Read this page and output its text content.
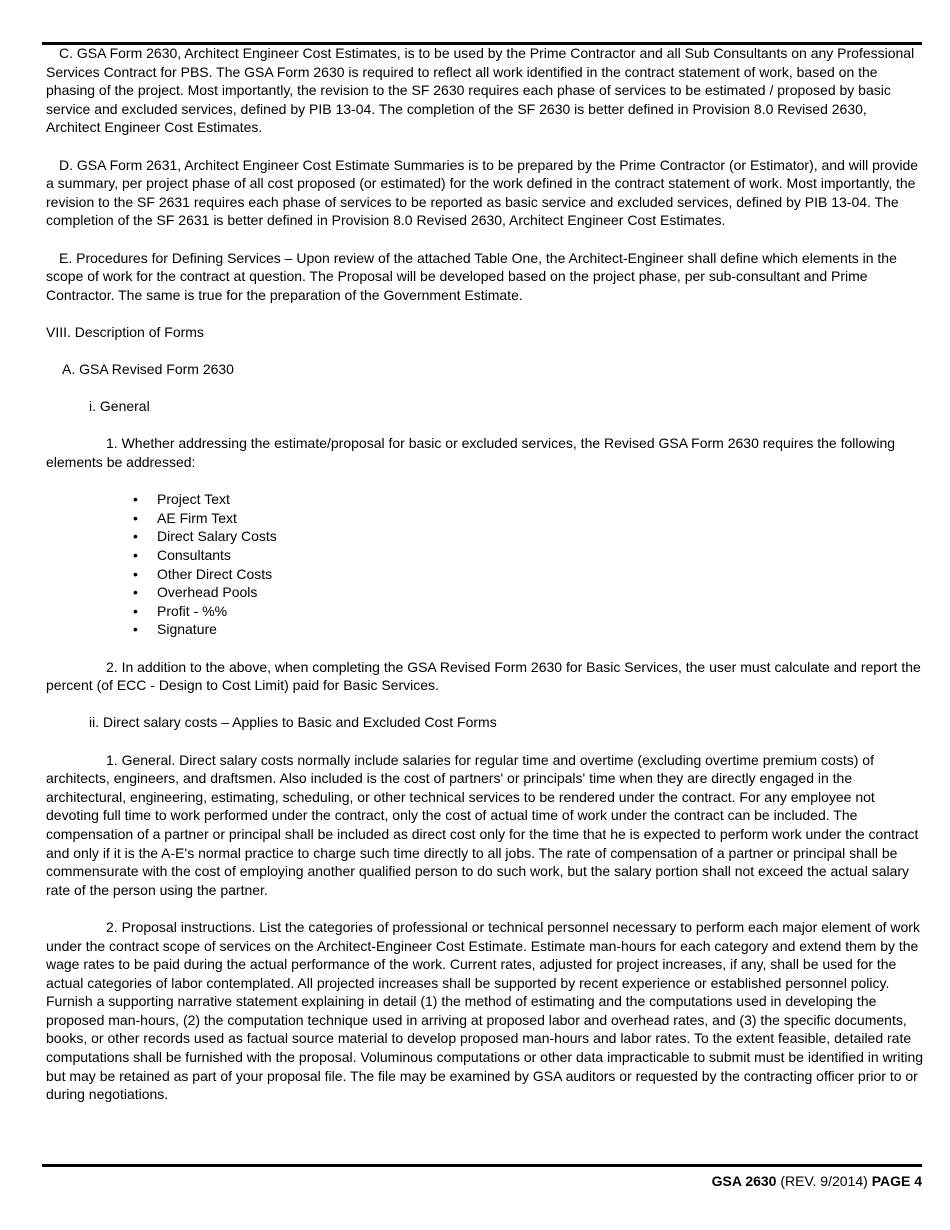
C. GSA Form 2630, Architect Engineer Cost Estimates, is to be used by the Prime Contractor and all Sub Consultants on any Professional Services Contract for PBS. The GSA Form 2630 is required to reflect all work identified in the contract statement of work, based on the phasing of the project. Most importantly, the revision to the SF 2630 requires each phase of services to be estimated / proposed by basic service and excluded services, defined by PIB 13-04. The completion of the SF 2630 is better defined in Provision 8.0 Revised 2630, Architect Engineer Cost Estimates.

D. GSA Form 2631, Architect Engineer Cost Estimate Summaries is to be prepared by the Prime Contractor (or Estimator), and will provide a summary, per project phase of all cost proposed (or estimated) for the work defined in the contract statement of work. Most importantly, the revision to the SF 2631 requires each phase of services to be reported as basic service and excluded services, defined by PIB 13-04. The completion of the SF 2631 is better defined in Provision 8.0 Revised 2630, Architect Engineer Cost Estimates.

E. Procedures for Defining Services – Upon review of the attached Table One, the Architect-Engineer shall define which elements in the scope of work for the contract at question. The Proposal will be developed based on the project phase, per sub-consultant and Prime Contractor. The same is true for the preparation of the Government Estimate.

VIII. Description of Forms

A. GSA Revised Form 2630

i. General

1. Whether addressing the estimate/proposal for basic or excluded services, the Revised GSA Form 2630 requires the following elements be addressed:

• Project Text
• AE Firm Text
• Direct Salary Costs
• Consultants
• Other Direct Costs
• Overhead Pools
• Profit - %%
• Signature

2. In addition to the above, when completing the GSA Revised Form 2630 for Basic Services, the user must calculate and report the percent (of ECC - Design to Cost Limit) paid for Basic Services.

ii. Direct salary costs – Applies to Basic and Excluded Cost Forms

1. General. Direct salary costs normally include salaries for regular time and overtime (excluding overtime premium costs) of architects, engineers, and draftsmen. Also included is the cost of partners' or principals' time when they are directly engaged in the architectural, engineering, estimating, scheduling, or other technical services to be rendered under the contract. For any employee not devoting full time to work performed under the contract, only the cost of actual time of work under the contract can be included. The compensation of a partner or principal shall be included as direct cost only for the time that he is expected to perform work under the contract and only if it is the A-E's normal practice to charge such time directly to all jobs. The rate of compensation of a partner or principal shall be commensurate with the cost of employing another qualified person to do such work, but the salary portion shall not exceed the actual salary rate of the person using the partner.

2. Proposal instructions. List the categories of professional or technical personnel necessary to perform each major element of work under the contract scope of services on the Architect-Engineer Cost Estimate. Estimate man-hours for each category and extend them by the wage rates to be paid during the actual performance of the work. Current rates, adjusted for project increases, if any, shall be used for the actual categories of labor contemplated. All projected increases shall be supported by recent experience or established personnel policy. Furnish a supporting narrative statement explaining in detail (1) the method of estimating and the computations used in developing the proposed man-hours, (2) the computation technique used in arriving at proposed labor and overhead rates, and (3) the specific documents, books, or other records used as factual source material to develop proposed man-hours and labor rates. To the extent feasible, detailed rate computations shall be furnished with the proposal. Voluminous computations or other data impracticable to submit must be identified in writing but may be retained as part of your proposal file. The file may be examined by GSA auditors or requested by the contracting officer prior to or during negotiations.

GSA 2630 (REV. 9/2014) PAGE 4
